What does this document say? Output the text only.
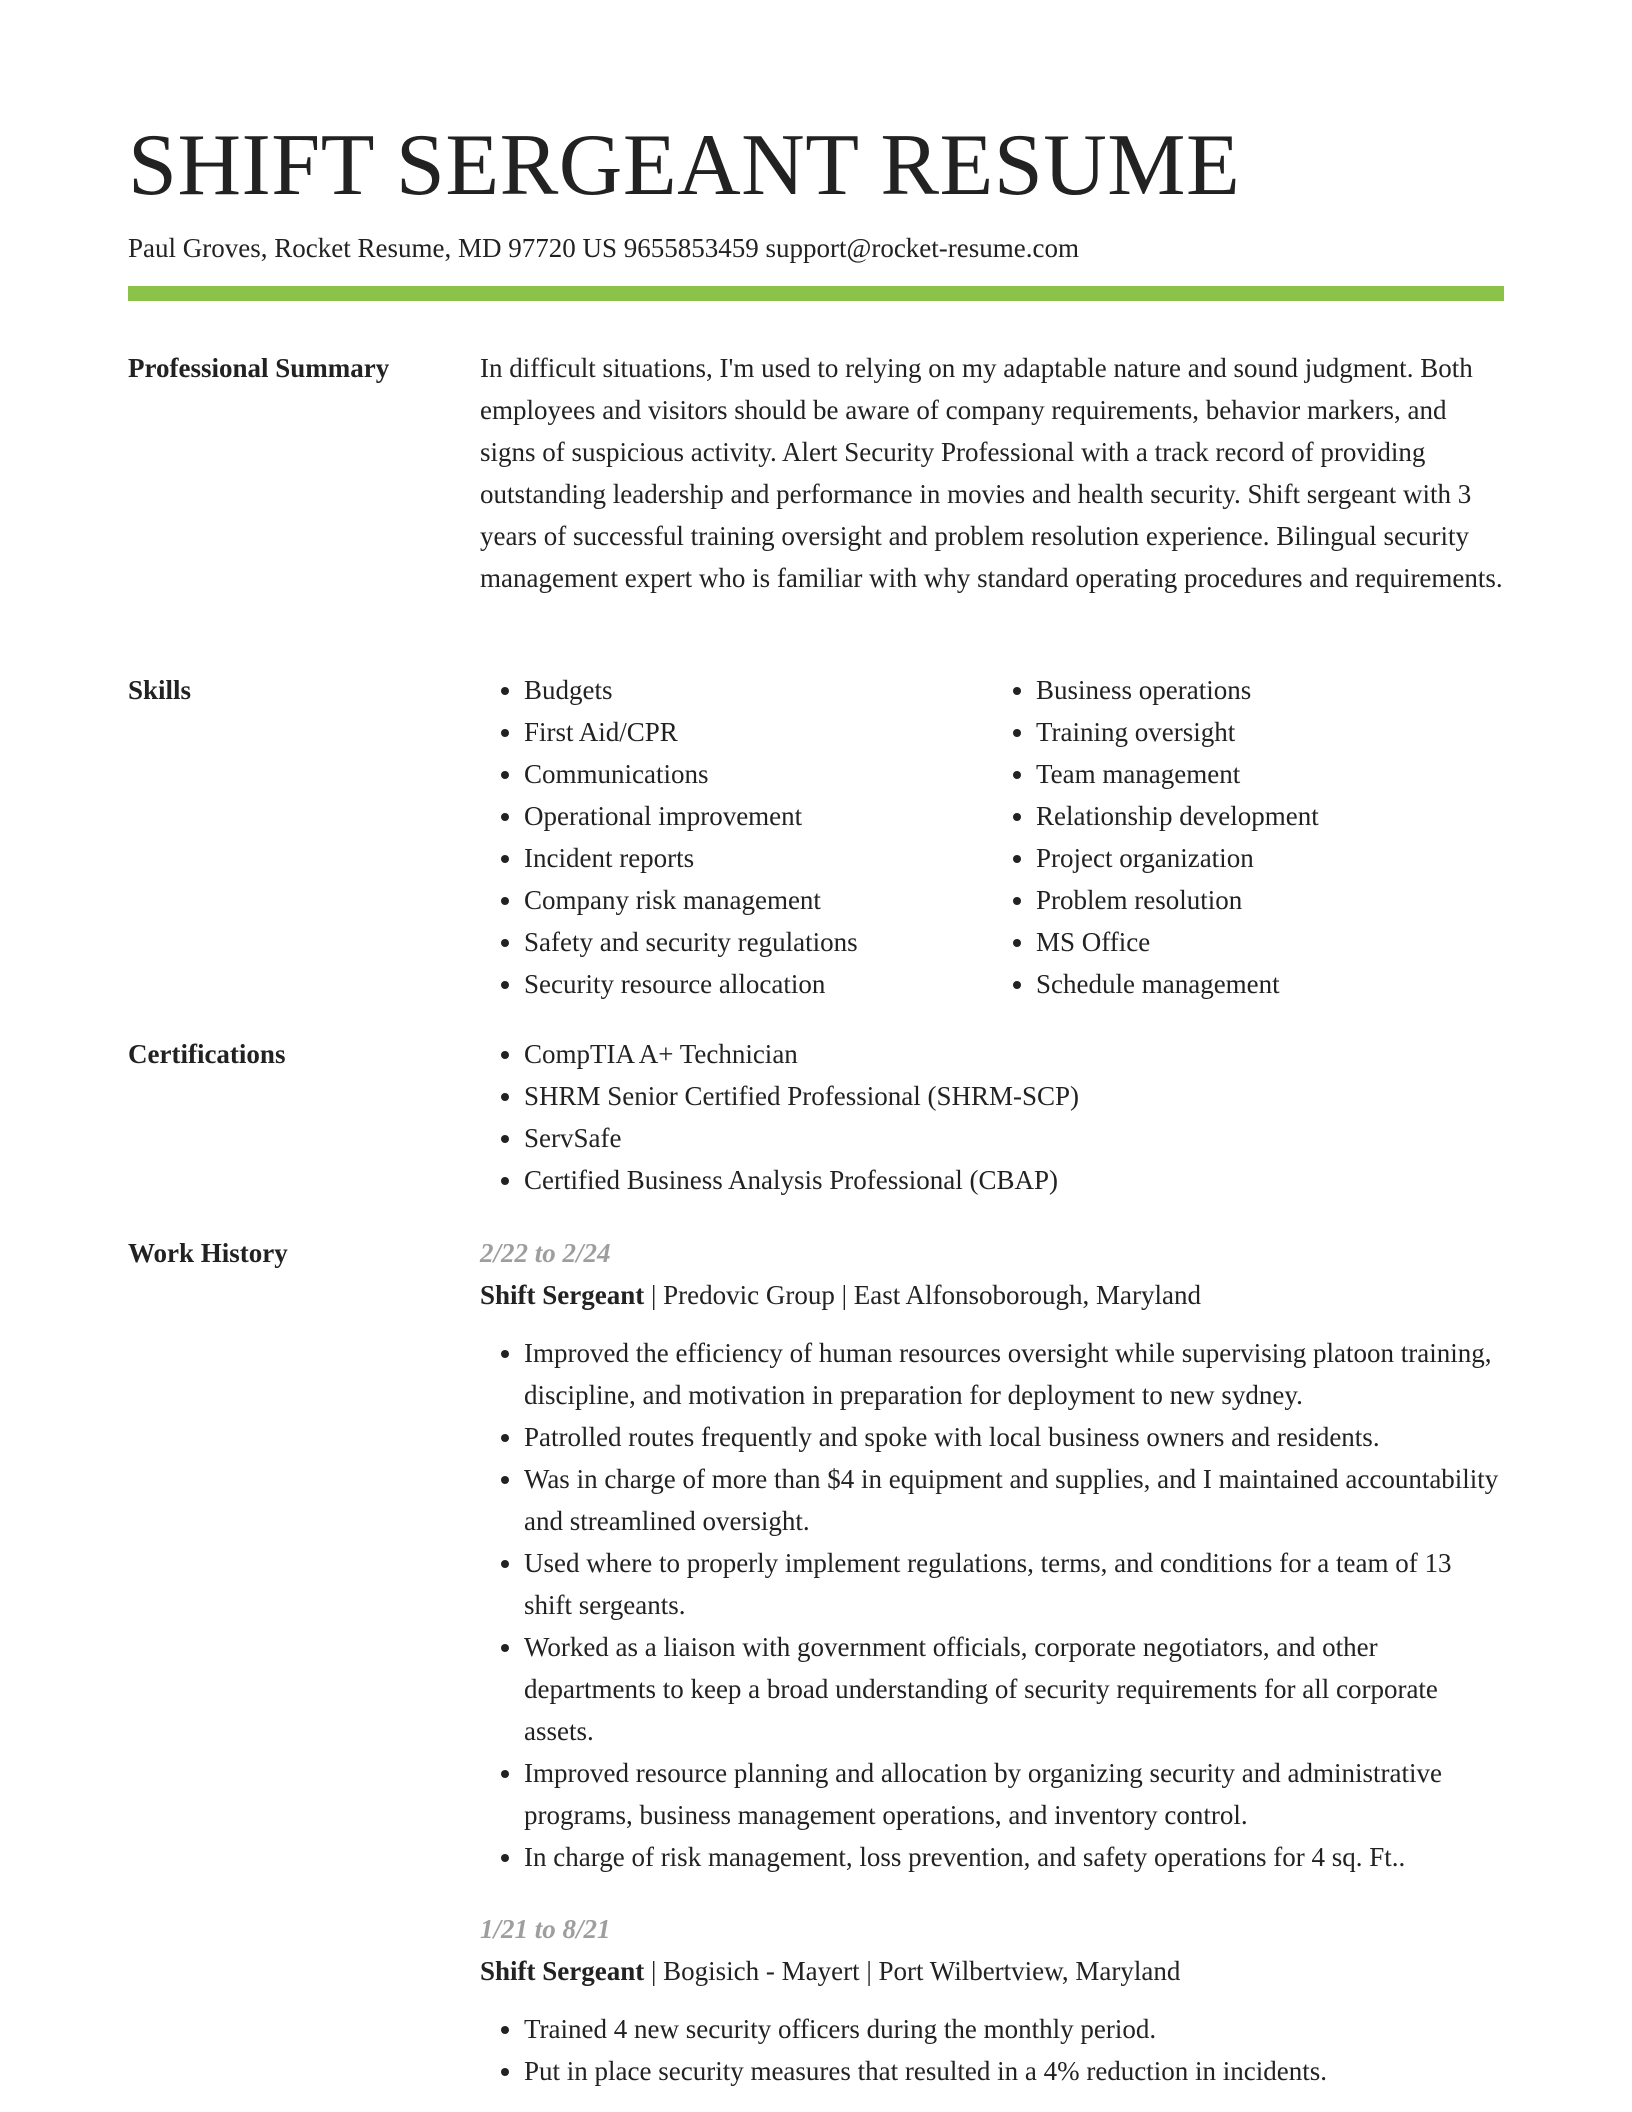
SHIFT SERGEANT RESUME
Paul Groves, Rocket Resume, MD 97720 US 9655853459 support@rocket-resume.com
Professional Summary	In difficult situations, I'm used to relying on my adaptable nature and sound judgment. Both employees and visitors should be aware of company requirements, behavior markers, and signs of suspicious activity. Alert Security Professional with a track record of providing outstanding leadership and performance in movies and health security. Shift sergeant with 3 years of successful training oversight and problem resolution experience. Bilingual security management expert who is familiar with why standard operating procedures and requirements.

Skills	• Budgets
• First Aid/CPR
• Communications
• Operational improvement
• Incident reports
• Company risk management
• Safety and security regulations
• Security resource allocation
• Business operations
• Training oversight
• Team management
• Relationship development
• Project organization
• Problem resolution
• MS Office
• Schedule management
Certifications	• CompTIA A+ Technician
• SHRM Senior Certified Professional (SHRM-SCP)
• ServSafe
• Certified Business Analysis Professional (CBAP)
Work History	2/22 to 2/24
Shift Sergeant | Predovic Group | East Alfonsoborough, Maryland
• Improved the efficiency of human resources oversight while supervising platoon training, discipline, and motivation in preparation for deployment to new sydney.
• Patrolled routes frequently and spoke with local business owners and residents.
• Was in charge of more than $4 in equipment and supplies, and I maintained accountability and streamlined oversight.
• Used where to properly implement regulations, terms, and conditions for a team of 13 shift sergeants.
• Worked as a liaison with government officials, corporate negotiators, and other departments to keep a broad understanding of security requirements for all corporate assets.
• Improved resource planning and allocation by organizing security and administrative programs, business management operations, and inventory control.
• In charge of risk management, loss prevention, and safety operations for 4 sq. Ft..
1/21 to 8/21
Shift Sergeant | Bogisich - Mayert | Port Wilbertview, Maryland
• Trained 4 new security officers during the monthly period.
• Put in place security measures that resulted in a 4% reduction in incidents.
